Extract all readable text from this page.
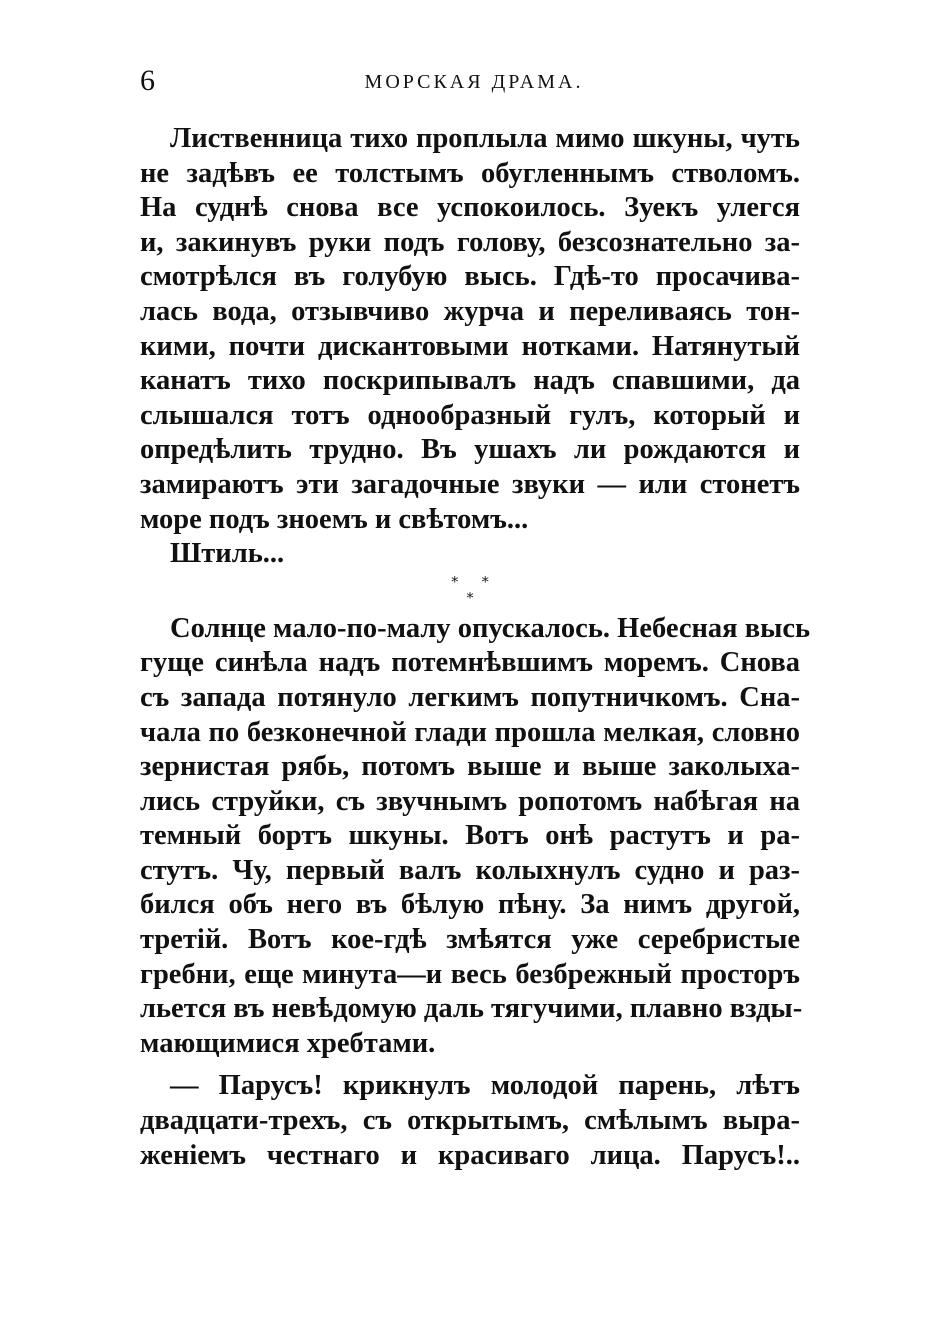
6	МОРСКАЯ ДРАМА.
Лиственница тихо проплыла мимо шкуны, чуть
не задѣвъ ее толстымъ обугленнымъ стволомъ.
На суднѣ снова все успокоилось. Зуекъ улегся
и, закинувъ руки подъ голову, безсознательно за-
смотрѣлся въ голубую высь. Гдѣ-то просачива-
лась вода, отзывчиво журча и переливаясь тон-
кими, почти дискантовыми нотками. Натянутый
канатъ тихо поскрипывалъ надъ спавшими, да
слышался тотъ однообразный гулъ, который и
опредѣлить трудно. Въ ушахъ ли рождаются и
замираютъ эти загадочные звуки — или стонетъ
море подъ зноемъ и свѣтомъ...
Штиль...
⁎ ⁎
⁎
Солнце мало-по-малу опускалось. Небесная высь
гуще синѣла надъ потемнѣвшимъ моремъ. Снова
съ запада потянуло легкимъ попутничкомъ. Сна-
чала по безконечной глади прошла мелкая, словно
зернистая рябь, потомъ выше и выше заколыха-
лись струйки, съ звучнымъ ропотомъ набѣгая на
темный бортъ шкуны. Вотъ онѣ растутъ и ра-
стутъ. Чу, первый валъ колыхнулъ судно и раз-
бился объ него въ бѣлую пѣну. За нимъ другой,
третій. Вотъ кое-гдѣ змѣятся уже серебристые
гребни, еще минута—и весь безбрежный просторъ
льется въ невѣдомую даль тягучими, плавно взды-
мающимися хребтами.
— Парусъ! крикнулъ молодой парень, лѣтъ
двадцати-трехъ, съ открытымъ, смѣлымъ выра-
женіемъ честнаго и красиваго лица. Парусъ!..
